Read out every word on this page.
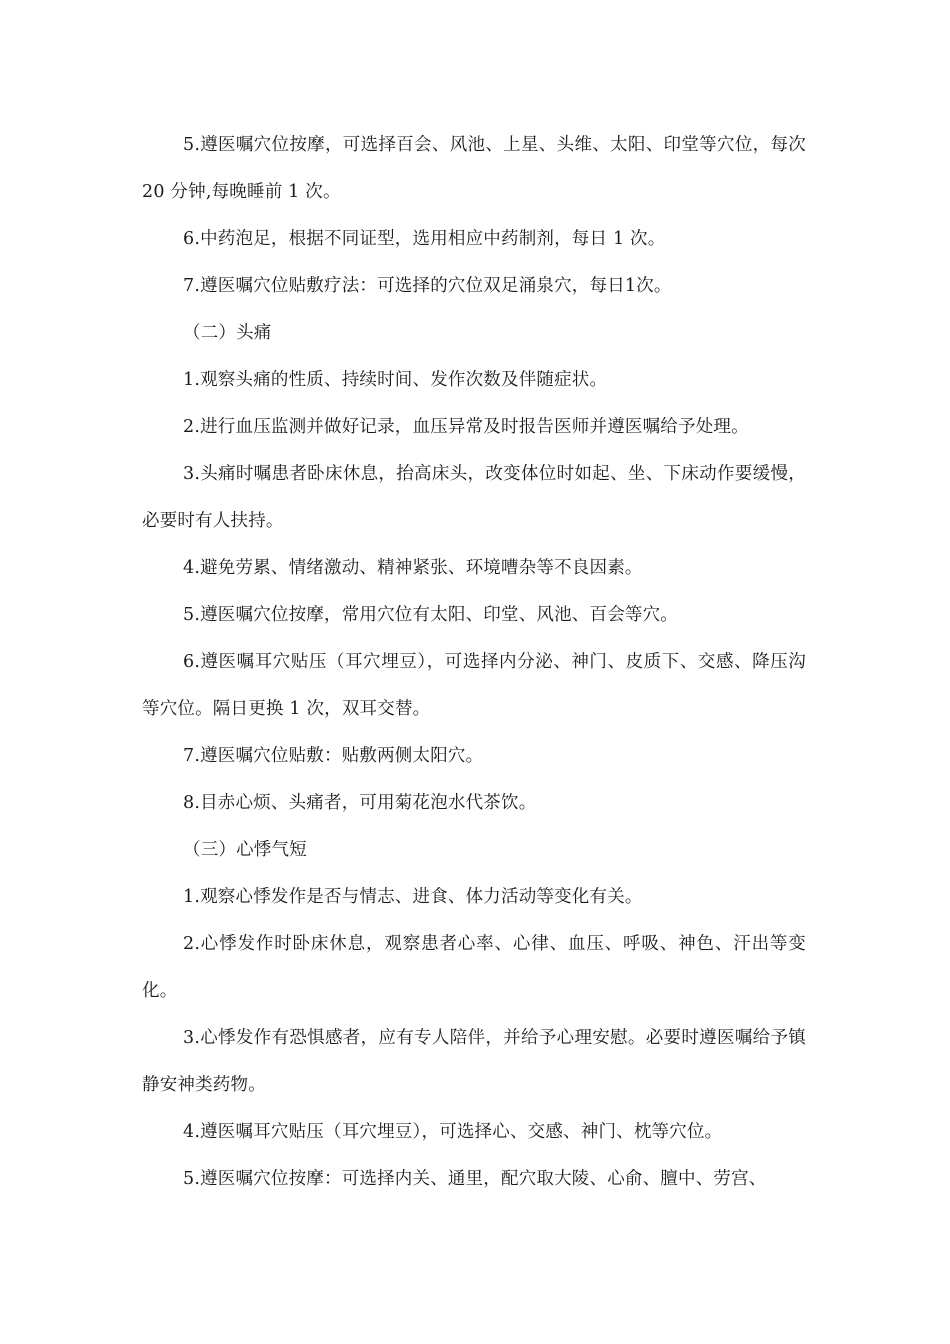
5.遵医嘱穴位按摩，可选择百会、风池、上星、头维、太阳、印堂等穴位，每次 20 分钟,每晚睡前 1 次。

6.中药泡足，根据不同证型，选用相应中药制剂，每日 1 次。

7.遵医嘱穴位贴敷疗法：可选择的穴位双足涌泉穴，每日1次。

（二）头痛

1.观察头痛的性质、持续时间、发作次数及伴随症状。

2.进行血压监测并做好记录，血压异常及时报告医师并遵医嘱给予处理。

3.头痛时嘱患者卧床休息，抬高床头，改变体位时如起、坐、下床动作要缓慢，必要时有人扶持。

4.避免劳累、情绪激动、精神紧张、环境嘈杂等不良因素。

5.遵医嘱穴位按摩，常用穴位有太阳、印堂、风池、百会等穴。

6.遵医嘱耳穴贴压（耳穴埋豆），可选择内分泌、神门、皮质下、交感、降压沟等穴位。隔日更换 1 次，双耳交替。

7.遵医嘱穴位贴敷：贴敷两侧太阳穴。

8.目赤心烦、头痛者，可用菊花泡水代茶饮。

（三）心悸气短

1.观察心悸发作是否与情志、进食、体力活动等变化有关。

2.心悸发作时卧床休息，观察患者心率、心律、血压、呼吸、神色、汗出等变化。

3.心悸发作有恐惧感者，应有专人陪伴，并给予心理安慰。必要时遵医嘱给予镇静安神类药物。

4.遵医嘱耳穴贴压（耳穴埋豆），可选择心、交感、神门、枕等穴位。

5.遵医嘱穴位按摩：可选择内关、通里，配穴取大陵、心俞、膻中、劳宫、
